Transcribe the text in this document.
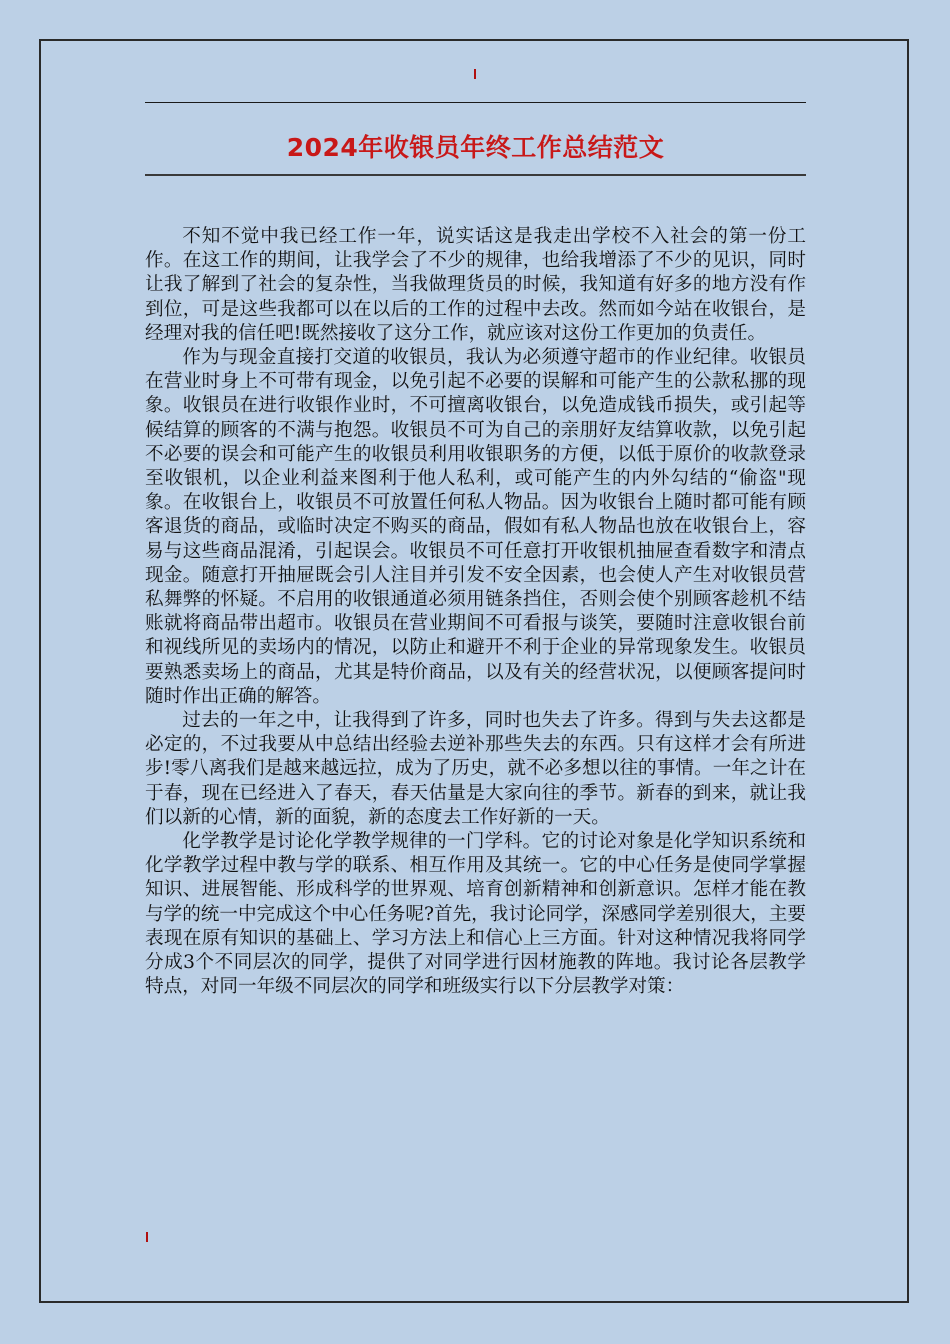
2024年收银员年终工作总结范文

不知不觉中我已经工作一年，说实话这是我走出学校不入社会的第一份工作。在这工作的期间，让我学会了不少的规律，也给我增添了不少的见识，同时让我了解到了社会的复杂性，当我做理货员的时候，我知道有好多的地方没有作到位，可是这些我都可以在以后的工作的过程中去改。然而如今站在收银台，是经理对我的信任吧!既然接收了这分工作，就应该对这份工作更加的负责任。

作为与现金直接打交道的收银员，我认为必须遵守超市的作业纪律。收银员在营业时身上不可带有现金，以免引起不必要的误解和可能产生的公款私挪的现象。收银员在进行收银作业时，不可擅离收银台，以免造成钱币损失，或引起等候结算的顾客的不满与抱怨。收银员不可为自己的亲朋好友结算收款，以免引起不必要的误会和可能产生的收银员利用收银职务的方便，以低于原价的收款登录至收银机，以企业利益来图利于他人私利，或可能产生的内外勾结的“偷盗"现象。在收银台上，收银员不可放置任何私人物品。因为收银台上随时都可能有顾客退货的商品，或临时决定不购买的商品，假如有私人物品也放在收银台上，容易与这些商品混淆，引起误会。收银员不可任意打开收银机抽屉查看数字和清点现金。随意打开抽屉既会引人注目并引发不安全因素，也会使人产生对收银员营私舞弊的怀疑。不启用的收银通道必须用链条挡住，否则会使个别顾客趁机不结账就将商品带出超市。收银员在营业期间不可看报与谈笑，要随时注意收银台前和视线所见的卖场内的情况，以防止和避开不利于企业的异常现象发生。收银员要熟悉卖场上的商品，尤其是特价商品，以及有关的经营状况，以便顾客提问时随时作出正确的解答。

过去的一年之中，让我得到了许多，同时也失去了许多。得到与失去这都是必定的，不过我要从中总结出经验去逆补那些失去的东西。只有这样才会有所进步!零八离我们是越来越远拉，成为了历史，就不必多想以往的事情。一年之计在于春，现在已经进入了春天，春天估量是大家向往的季节。新春的到来，就让我们以新的心情，新的面貌，新的态度去工作好新的一天。

化学教学是讨论化学教学规律的一门学科。它的讨论对象是化学知识系统和化学教学过程中教与学的联系、相互作用及其统一。它的中心任务是使同学掌握知识、进展智能、形成科学的世界观、培育创新精神和创新意识。怎样才能在教与学的统一中完成这个中心任务呢?首先，我讨论同学，深感同学差别很大，主要表现在原有知识的基础上、学习方法上和信心上三方面。针对这种情况我将同学分成3个不同层次的同学，提供了对同学进行因材施教的阵地。我讨论各层教学特点，对同一年级不同层次的同学和班级实行以下分层教学对策：
